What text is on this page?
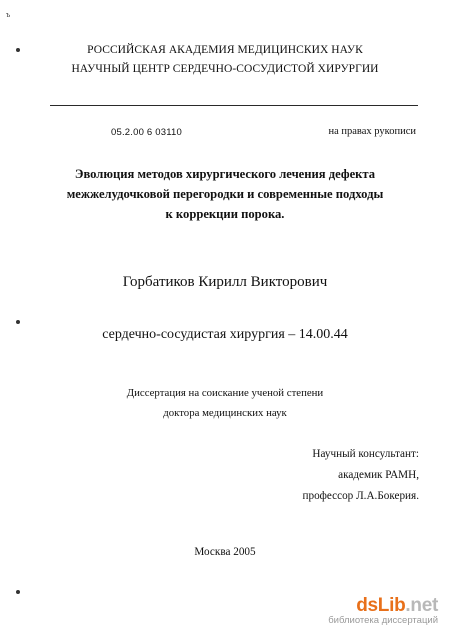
ъ
РОССИЙСКАЯ АКАДЕМИЯ МЕДИЦИНСКИХ НАУК
НАУЧНЫЙ ЦЕНТР СЕРДЕЧНО-СОСУДИСТОЙ ХИРУРГИИ
05.2.00 6 03110	на правах рукописи
Эволюция методов хирургического лечения дефекта
межжелудочковой перегородки и современные подходы
к коррекции порока.
Горбатиков Кирилл Викторович
сердечно-сосудистая хирургия – 14.00.44
Диссертация на соискание ученой степени
доктора медицинских наук
Научный консультант:
академик РАМН,
профессор Л.А.Бокерия.
Москва 2005
dsLib.net
библиотека диссертаций
